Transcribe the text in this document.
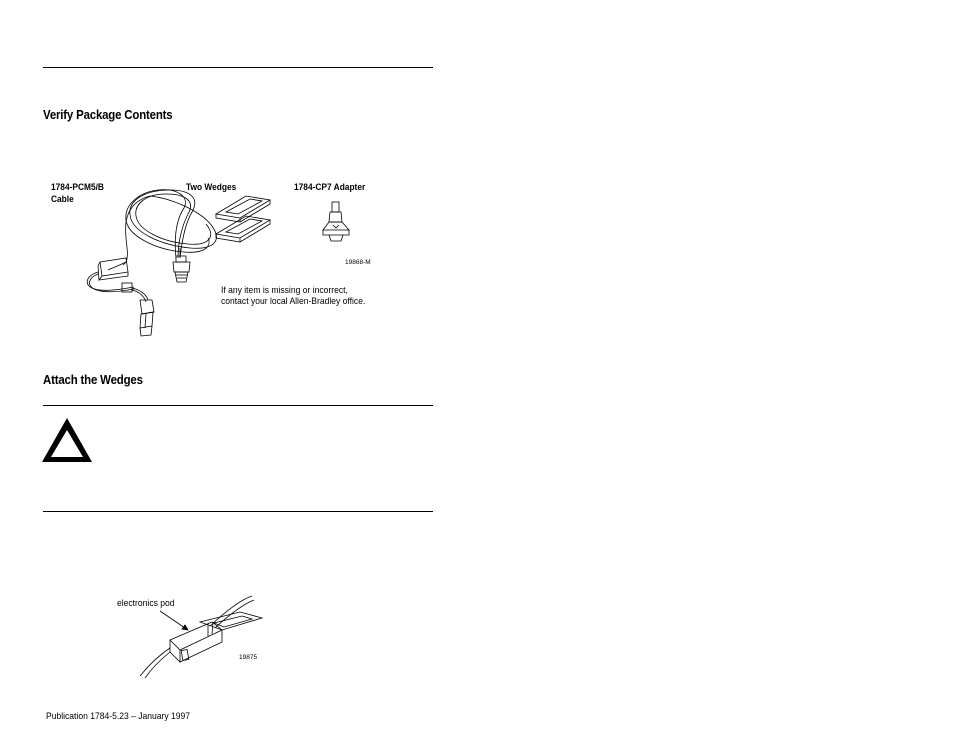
Verify Package Contents
1784-PCM5/B
Cable
Two Wedges	1784-CP7 Adapter
19868-M
If any item is missing or incorrect,
contact your local Allen-Bradley office.
Attach the Wedges
electronics pod
19875
Publication 1784-5.23 – January 1997
